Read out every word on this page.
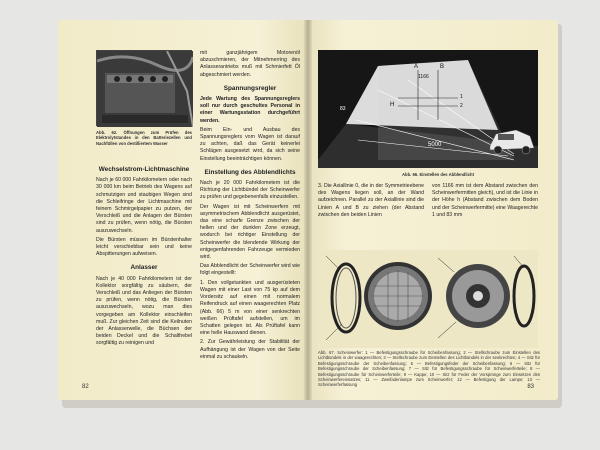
Abb. 62. Öffnungen zum Prüfen des Elektrolytstandes in den Batteriezellen und Nachfüllen von destilliertem Wasser
Wechselstrom-Lichtmaschine

Nach je 60 000 Fahrkilometern oder nach 30 000 km beim Betrieb des Wagens auf schmutzigen und staubigen Wegen sind die Schleifringe der Lichtmaschine mit feinem Schmirgelpapier zu putzen, der Verschleiß und die Anlagen der Bürsten sind zu prüfen, wenn nötig, die Bürsten auszuwechseln.

Die Bürsten müssen im Bürstenhalter leicht verschiebbar sein und keine Abspitterungen aufweisen.

Anlasser

Nach je 40 000 Fahrkilometern ist der Kollektor sorgfältig zu säubern, der Verschleiß und das Anliegen der Bürsten zu prüfen, wenn nötig, die Bürsten auszuwechseln, wozu man dies vorgegeben am Kollektor einschleifen muß. Zur gleichen Zeit sind die Keilnuten der Anlasserwelle, die Büchsen der beiden Deckel und die Schalthebel sorgfältig zu reinigen und

mit ganzjährigem Motorenöl abzuschmieren, der Mitnehmerring des Anlasserantriebs muß mit Schmierfett Öl abgeschmiert werden.

Spannungsregler

Jede Wartung des Spannungsreglers soll nur durch geschultes Personal in einer Wartungsstation durchgeführt werden.

Beim Ein- und Ausbau des Spannungsreglers vom Wagen ist darauf zu achten, daß das Gerät keinerlei Schlägen ausgesetzt wird, da sich seine Einstellung beeinträchtigen können.

Einstellung des Abblendlichts

Nach je 20 000 Fahrkilometern ist die Richtung der Lichtbündel der Scheinwerfer zu prüfen und gegebenenfalls einzustellen.

Der Wagen ist mit Scheinwerfern mit asymmetrischem Abblendlicht ausgerüstet, das eine scharfe Grenze zwischen der hellen und der dunklen Zone erzeugt, wodurch bei richtiger Einstellung der Scheinwerfer die blendende Wirkung der entgegenfahrenden Fahrzeuge vermieden wird.

Das Abblendlicht der Scheinwerfer wird wie folgt eingestellt:

1. Den vollgetankten und ausgerüsteten Wagen mit einer Last von 75 kp auf dem Vordersitz auf einen mit normalem Reifendruck auf einen waagerechten Platz (Abb. 66) 5 m von einer senkrechten weißen Prüftafel aufstellen, um im Schatten gelegen ist. Als Prüftafel kann eine helle Hauswand dienen.

2. Zur Gewährleistung der Stabilität der Aufhängung ist der Wagen von der Seite einmal zu schaukeln.

82
A	B
1166
H
1
2
83
5000
Abb. 66. Einstellen des Abblendlicht
3. Die Axiallinie 0, die in der Symmetrieebene des Wagens liegen soll, an der Wand aufzeichnen. Parallel zu der Axiallinie sind die Linien A und B zu ziehen (der Abstand zwischen den beiden Linien
von 1166 mm ist dem Abstand zwischen den Scheinwerfermitten gleich), und ist die Linie in der Höhe h (Abstand zwischen dem Boden und der Scheinwerfermitte) eine Waagerechte 1 und 83 mm
Abb. 67. Scheinwerfer: 1 — Befestigungsschraube für Scheibenfassung; 2 — Stellschraube zum Einstellen des Lichtbündels in der waagerechten; 3 — Stellschraube zum Einstellen des Lichtbündels in der senkrechten; 4 — Sitz für Befestigungsschraube der Scheibenfassung; 5 — Befestigungsfeder der Scheibenfassung; 6 — Sitz für Befestigungsschraube der Scheibenfassung; 7 — Sitz für Befestigungsschraube für Scheinwerferteile; 8 — Befestigungsschraube für Scheinwerferteile; 9 — Kappe; 10 — Sitz für Feder der Vorsprünge zum Einsetzen des Scheinwerfereinsatzes; 11 — Zweifadenlampe zum Scheinwerfer; 12 — Befestigung der Lampe; 13 — Scheinwerferfassung	83
